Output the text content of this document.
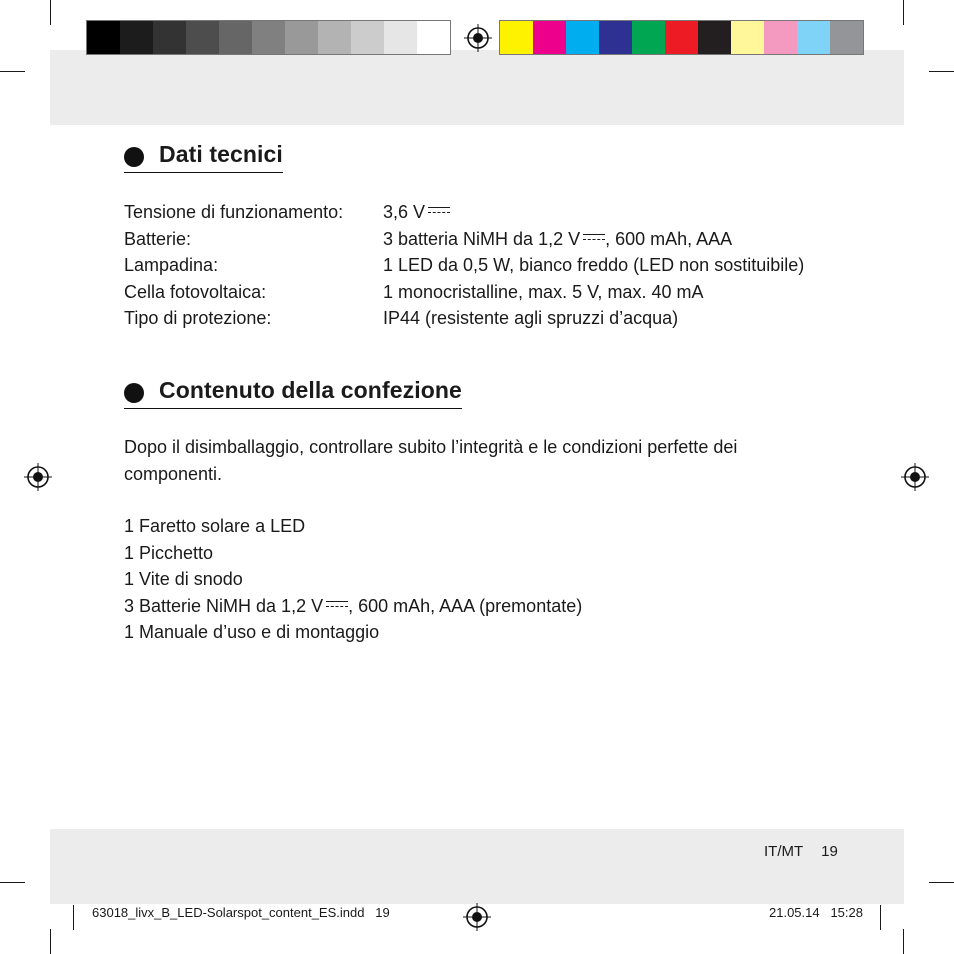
Dati tecnici
Tensione di funzionamento:	3,6 V
Batterie:	3 batteria NiMH da 1,2 V , 600 mAh, AAA
Lampadina:	1 LED da 0,5 W, bianco freddo (LED non sostituibile)
Cella fotovoltaica:	1 monocristalline, max. 5 V, max. 40 mA
Tipo di protezione:	IP44 (resistente agli spruzzi d’acqua)
Contenuto della confezione
Dopo il disimballaggio, controllare subito l’integrità e le condizioni perfette dei componenti.
1 Faretto solare a LED
1 Picchetto
1 Vite di snodo
3 Batterie NiMH da 1,2 V , 600 mAh, AAA (premontate)
1 Manuale d’uso e di montaggio
IT/MT 19
63018_livx_B_LED-Solarspot_content_ES.indd   19	21.05.14   15:28
